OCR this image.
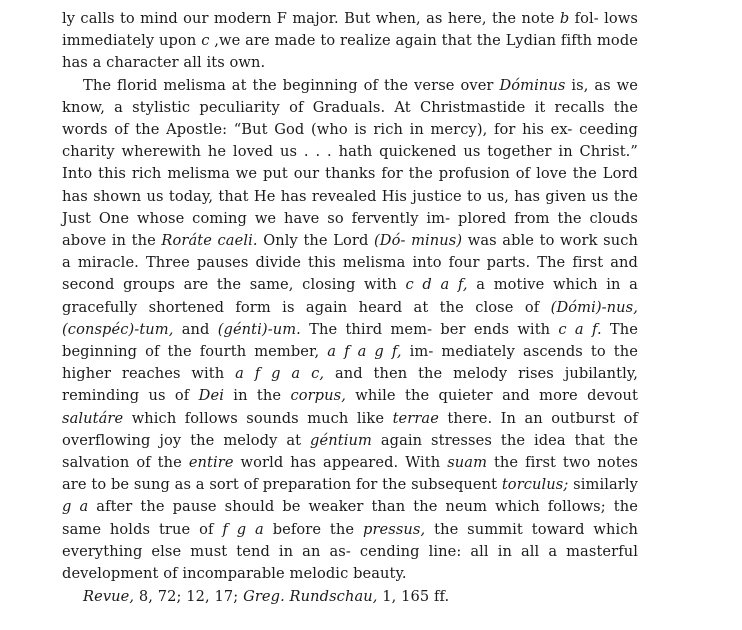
ly calls to mind our modern F major. But when, as here, the note b fol- lows immediately upon c ,we are made to realize again that the Lydian fifth mode has a character all its own.

The florid melisma at the beginning of the verse over Dóminus is, as we know, a stylistic peculiarity of Graduals. At Christmastide it recalls the words of the Apostle: “But God (who is rich in mercy), for his ex- ceeding charity wherewith he loved us . . . hath quickened us together in Christ.” Into this rich melisma we put our thanks for the profusion of love the Lord has shown us today, that He has revealed His justice to us, has given us the Just One whose coming we have so fervently im- plored from the clouds above in the Roráte caeli. Only the Lord (Dó- minus) was able to work such a miracle. Three pauses divide this melisma into four parts. The first and second groups are the same, closing with c d a f, a motive which in a gracefully shortened form is again heard at the close of (Dómi)-nus, (conspéc)-tum, and (génti)-um. The third mem- ber ends with c a f. The beginning of the fourth member, a f a g f, im- mediately ascends to the higher reaches with a f g a c, and then the melody rises jubilantly, reminding us of Dei in the corpus, while the quieter and more devout salutáre which follows sounds much like terrae there. In an outburst of overflowing joy the melody at géntium again stresses the idea that the salvation of the entire world has appeared. With suam the first two notes are to be sung as a sort of preparation for the subsequent torculus; similarly g a after the pause should be weaker than the neum which follows; the same holds true of f g a before the pressus, the summit toward which everything else must tend in an as- cending line: all in all a masterful development of incomparable melodic beauty.

Revue, 8, 72; 12, 17; Greg. Rundschau, 1, 165 ff.
